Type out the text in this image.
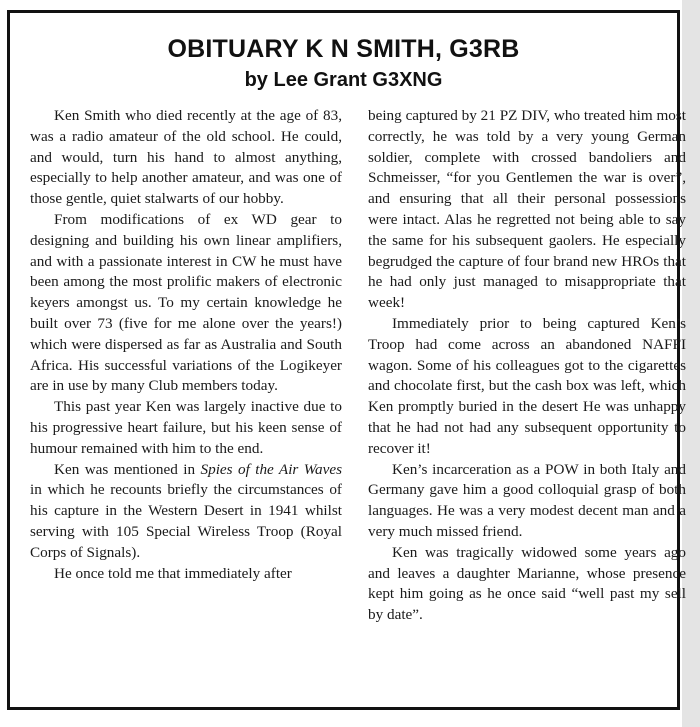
OBITUARY K N SMITH, G3RB
by Lee Grant G3XNG

Ken Smith who died recently at the age of 83, was a radio amateur of the old school. He could, and would, turn his hand to almost anything, especially to help another amateur, and was one of those gentle, quiet stalwarts of our hobby.

From modifications of ex WD gear to designing and building his own linear amplifiers, and with a passionate interest in CW he must have been among the most prolific makers of electronic keyers amongst us. To my certain knowledge he built over 73 (five for me alone over the years!) which were dispersed as far as Australia and South Africa. His successful variations of the Logikeyer are in use by many Club members today.

This past year Ken was largely inactive due to his progressive heart failure, but his keen sense of humour remained with him to the end.

Ken was mentioned in Spies of the Air Waves in which he recounts briefly the circumstances of his capture in the Western Desert in 1941 whilst serving with 105 Special Wireless Troop (Royal Corps of Signals).

He once told me that immediately after

being captured by 21 PZ DIV, who treated him most correctly, he was told by a very young German soldier, complete with crossed bandoliers and Schmeisser, “for you Gentlemen the war is over”, and ensuring that all their personal possessions were intact. Alas he regretted not being able to say the same for his subsequent gaolers. He especially begrudged the capture of four brand new HROs that he had only just managed to misappropriate that week!

Immediately prior to being captured Ken’s Troop had come across an abandoned NAFFI wagon. Some of his colleagues got to the cigarettes and chocolate first, but the cash box was left, which Ken promptly buried in the desert He was unhappy that he had not had any subsequent opportunity to recover it!

Ken’s incarceration as a POW in both Italy and Germany gave him a good colloquial grasp of both languages. He was a very modest decent man and a very much missed friend.

Ken was tragically widowed some years ago and leaves a daughter Marianne, whose presence kept him going as he once said “well past my sell by date”.
